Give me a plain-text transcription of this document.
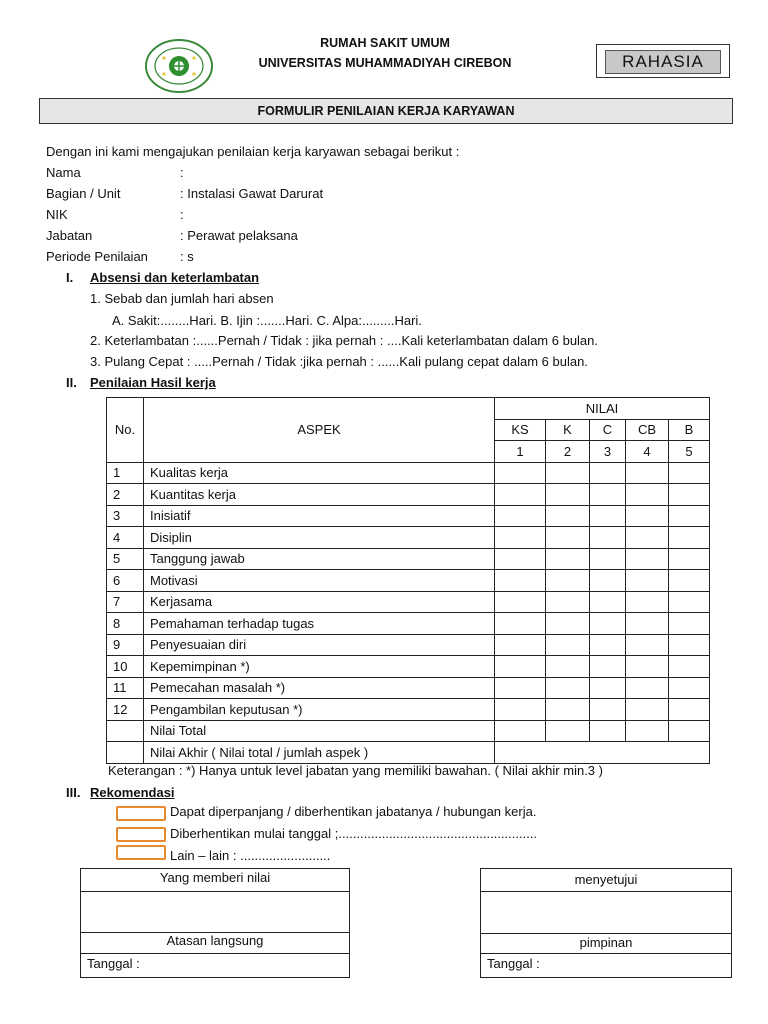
RUMAH SAKIT UMUM
UNIVERSITAS MUHAMMADIYAH CIREBON	RAHASIA
FORMULIR PENILAIAN KERJA KARYAWAN
Dengan ini kami mengajukan penilaian kerja karyawan sebagai berikut :
Nama	:
Bagian / Unit	: Instalasi Gawat Darurat
NIK	:
Jabatan	: Perawat pelaksana
Periode Penilaian : s
I. Absensi dan keterlambatan
1. Sebab dan jumlah hari absen
A. Sakit:........Hari. B. Ijin :.......Hari. C. Alpa:.........Hari.
2. Keterlambatan :......Pernah / Tidak : jika pernah : ....Kali keterlambatan dalam 6 bulan.
3. Pulang Cepat : .....Pernah / Tidak :jika pernah : ......Kali pulang cepat dalam 6 bulan.
II. Penilaian Hasil kerja
No.	ASPEK	NILAI				
		KS	K	C	CB	B
		1	2	3	4	5
1	Kualitas kerja					
2	Kuantitas kerja					
3	Inisiatif					
4	Disiplin					
5	Tanggung jawab					
6	Motivasi					
7	Kerjasama					
8	Pemahaman terhadap tugas					
9	Penyesuaian diri					
10	Kepemimpinan *)					
11	Pemecahan masalah *)					
12	Pengambilan keputusan *)					
	Nilai Total					
	Nilai Akhir ( Nilai total / jumlah aspek )					
Keterangan : *) Hanya untuk level jabatan yang memiliki bawahan. ( Nilai akhir min.3 )
III. Rekomendasi
Dapat diperpanjang / diberhentikan jabatanya / hubungan kerja.
Diberhentikan mulai tanggal ;.......................................................
Lain – lain : .........................
Yang memberi nilai
Atasan langsung
Tanggal :
menyetujui
pimpinan
Tanggal :
